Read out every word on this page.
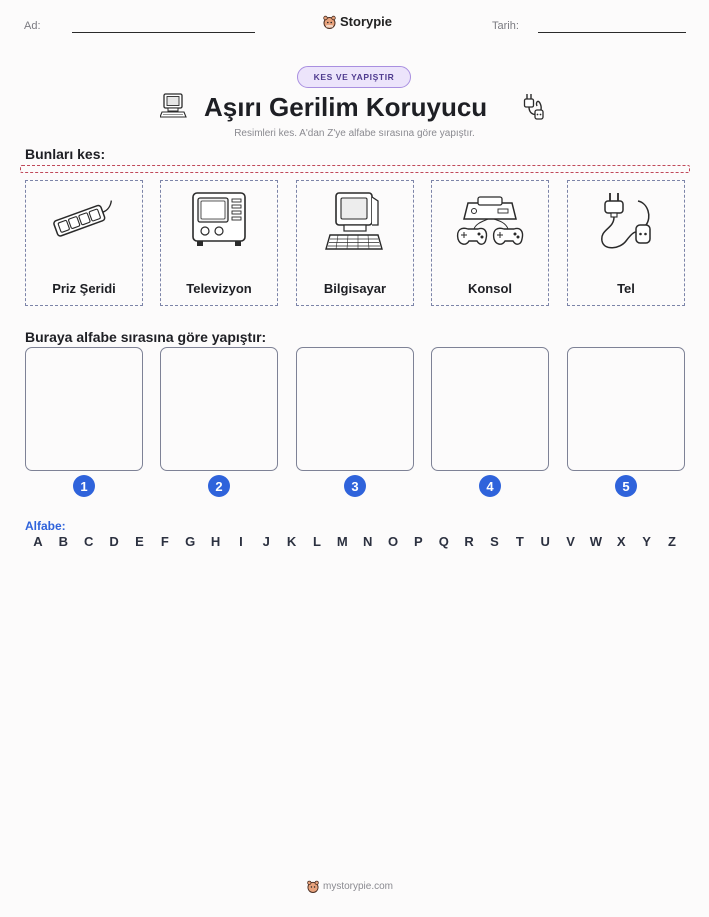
Ad:	Storypie	Tarih:
KES VE YAPIŞTIR
Aşırı Gerilim Koruyucu
Resimleri kes. A'dan Z'ye alfabe sırasına göre yapıştır.
Bunları kes:
Priz Şeridi	Televizyon	Bilgisayar	Konsol	Tel
Buraya alfabe sırasına göre yapıştır:
1	2	3	4	5
Alfabe:
A B C D E F G H	I	J K L M N O P Q R S T U V W X Y Z
mystorypie.com
